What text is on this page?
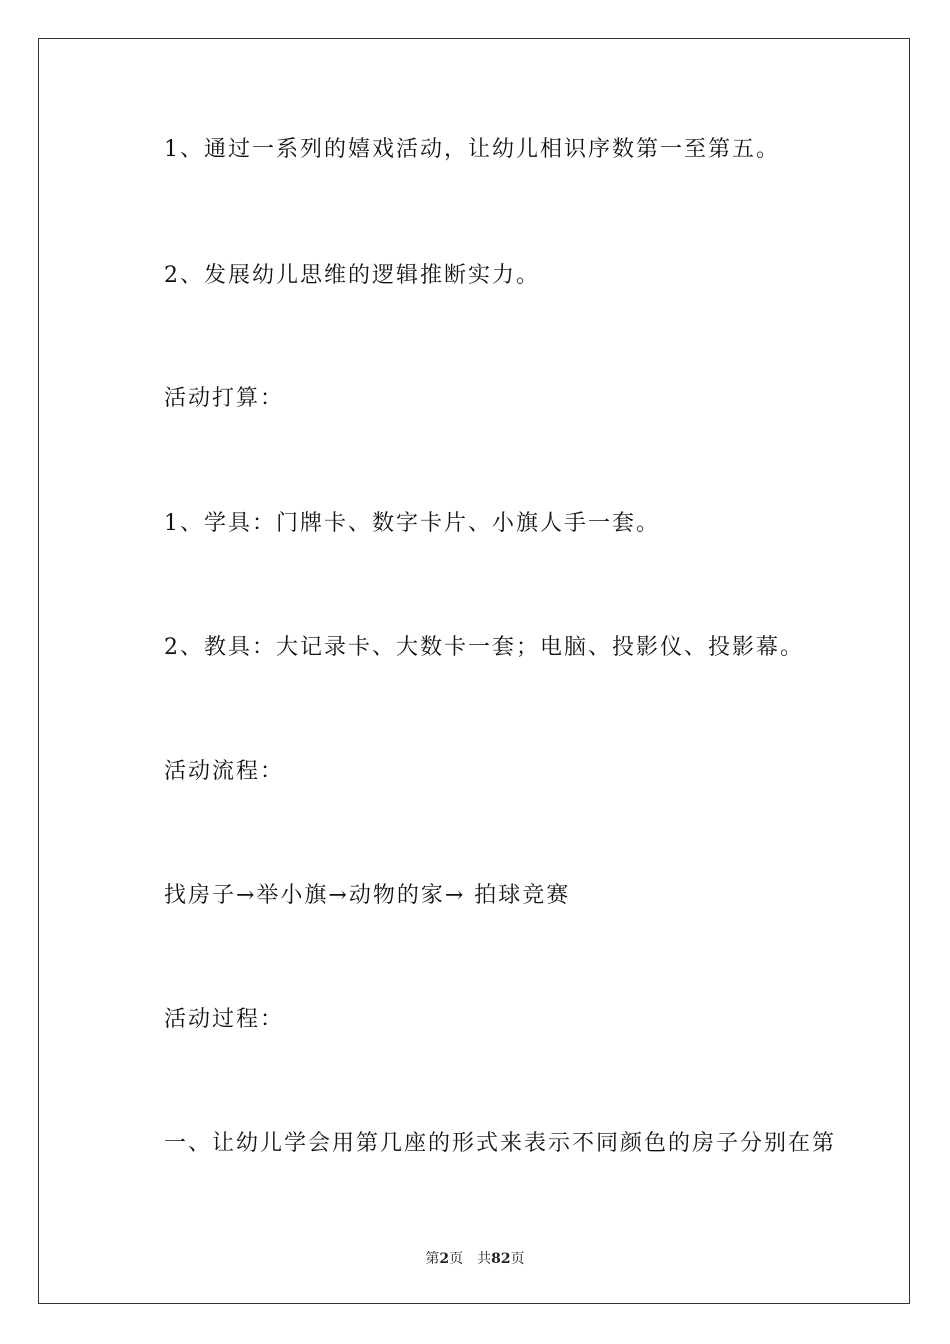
1、通过一系列的嬉戏活动，让幼儿相识序数第一至第五。
2、发展幼儿思维的逻辑推断实力。
活动打算：
1、学具：门牌卡、数字卡片、小旗人手一套。
2、教具：大记录卡、大数卡一套；电脑、投影仪、投影幕。
活动流程：
找房子→举小旗→动物的家→ 拍球竞赛
活动过程：
一、让幼儿学会用第几座的形式来表示不同颜色的房子分别在第
第2页 共82页
